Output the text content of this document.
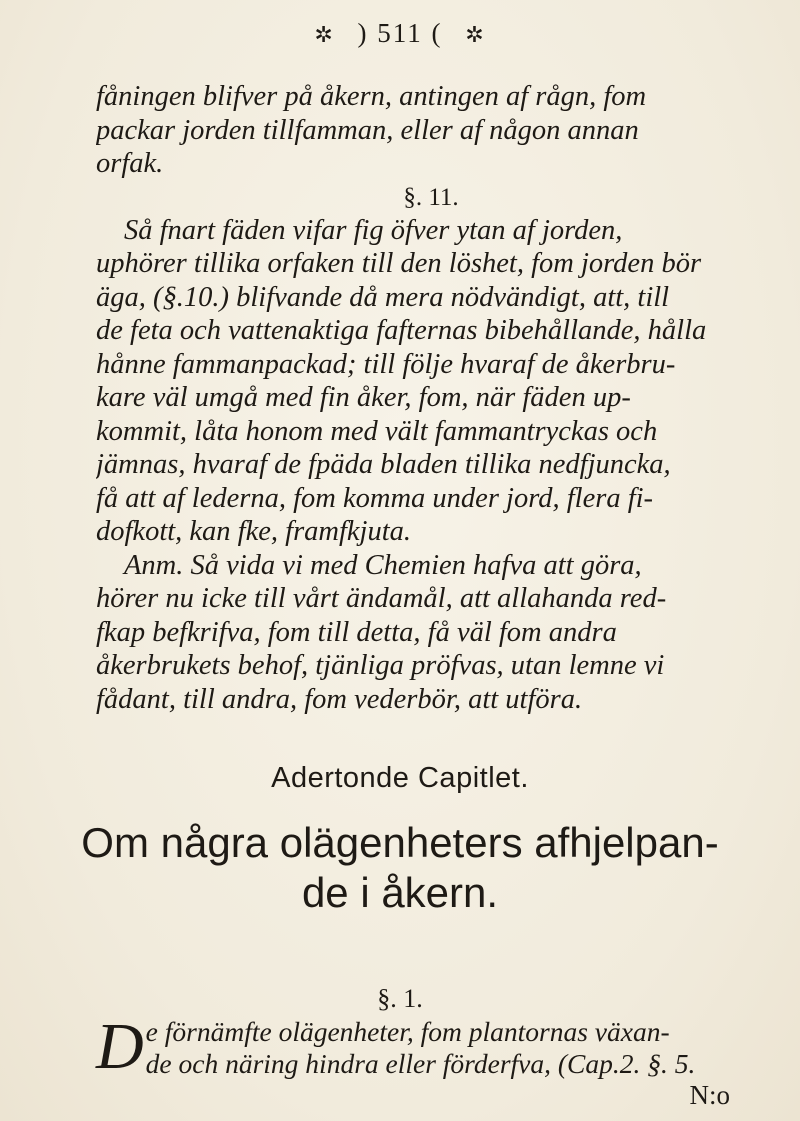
✲ ) 511 ( ✲
fåningen blifver på åkern, antingen af rågn, fom
packar jorden tillfamman, eller af någon annan
orfak.
§. 11.
Så fnart fäden vifar fig öfver ytan af jorden,
uphörer tillika orfaken till den löshet, fom jorden bör
äga, (§.10.) blifvande då mera nödvändigt, att, till
de feta och vattenaktiga fafternas bibehållande, hålla
hånne fammanpackad; till följe hvaraf de åkerbru-
kare väl umgå med fin åker, fom, när fäden up-
kommit, låta honom med vält fammantryckas och
jämnas, hvaraf de fpäda bladen tillika nedfjuncka,
få att af lederna, fom komma under jord, flera fi-
dofkott, kan fke, framfkjuta.
Anm. Så vida vi med Chemien hafva att göra,
hörer nu icke till vårt ändamål, att allahanda red-
fkap befkrifva, fom till detta, få väl fom andra
åkerbrukets behof, tjänliga pröfvas, utan lemne vi
fådant, till andra, fom vederbör, att utföra.
Adertonde Capitlet.
Om några olägenheters afhjelpan-
de i åkern.
§. 1.
D e förnämfte olägenheter, fom plantornas växan-
de och näring hindra eller förderfva, (Cap.2. §. 5.
N:o
